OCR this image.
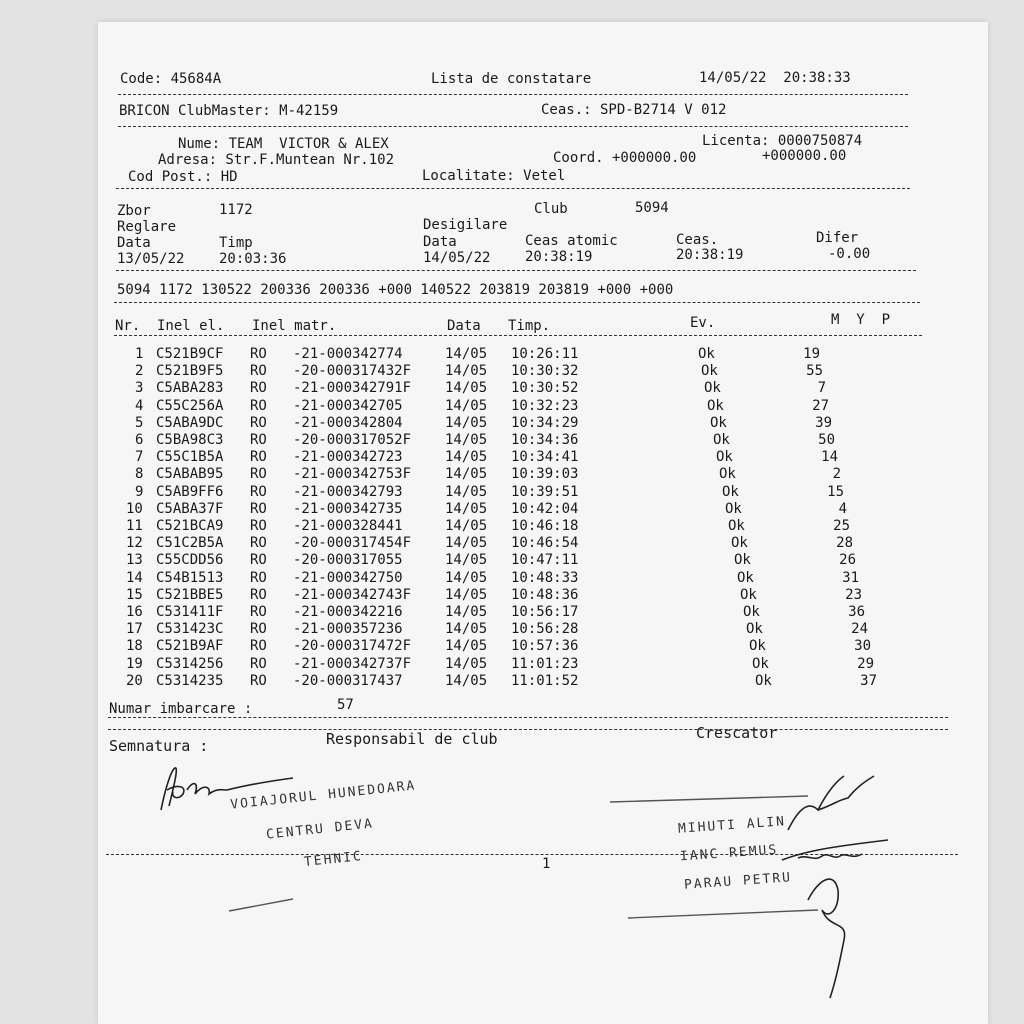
Code: 45684A	Lista de constatare	14/05/22  20:38:33
BRICON ClubMaster: M-42159	Ceas.: SPD-B2714 V 012
Nume: TEAM  VICTOR & ALEX	Licenta: 0000750874
Adresa: Str.F.Muntean Nr.102	Coord. +000000.00	+000000.00
Cod Post.: HD	Localitate: Vetel
Zbor	1172	Club	5094
Reglare	Desigilare
Data	Timp	Data	Ceas atomic	Ceas.	Difer
13/05/22 20:03:36	14/05/22 20:38:19	20:38:19	-0.00
5094 1172 130522 200336 200336 +000 140522 203819 203819 +000 +000
Nr. Inel el. Inel matr.	Data Timp.	Ev.	M  Y  P
1 C521B9CF RO -21-000342774	14/05 10:26:11	Ok	19
2 C521B9F5 RO -20-000317432F 14/05 10:30:32	Ok	55
3 C5ABA283 RO -21-000342791F 14/05 10:30:52	Ok	7
4 C55C256A RO -21-000342705	14/05 10:32:23	Ok	27
5 C5ABA9DC RO -21-000342804	14/05 10:34:29	Ok	39
6 C5BA98C3 RO -20-000317052F 14/05 10:34:36	Ok	50
7 C55C1B5A RO -21-000342723	14/05 10:34:41	Ok	14
8 C5ABAB95 RO -21-000342753F 14/05 10:39:03	Ok	2
9 C5AB9FF6 RO -21-000342793	14/05 10:39:51	Ok	15
10 C5ABA37F RO -21-000342735	14/05 10:42:04	Ok	4
11 C521BCA9 RO -21-000328441	14/05 10:46:18	Ok	25
12 C51C2B5A RO -20-000317454F 14/05 10:46:54	Ok	28
13 C55CDD56 RO -20-000317055	14/05 10:47:11	Ok	26
14 C54B1513 RO -21-000342750	14/05 10:48:33	Ok	31
15 C521BBE5 RO -21-000342743F 14/05 10:48:36	Ok	23
16 C531411F RO -21-000342216	14/05 10:56:17	Ok	36
17 C531423C RO -21-000357236	14/05 10:56:28	Ok	24
18 C521B9AF RO -20-000317472F 14/05 10:57:36	Ok	30
19 C5314256 RO -21-000342737F 14/05 11:01:23	Ok	29
20 C5314235 RO -20-000317437	14/05 11:01:52	Ok	37
Numar imbarcare :	57
Semnatura :	Responsabil de club	Crescator
VOIAJORUL HUNEDOARA
CENTRU DEVA
TEHNIC
MIHUTI ALIN
IANC REMUS
PARAU PETRU
1
